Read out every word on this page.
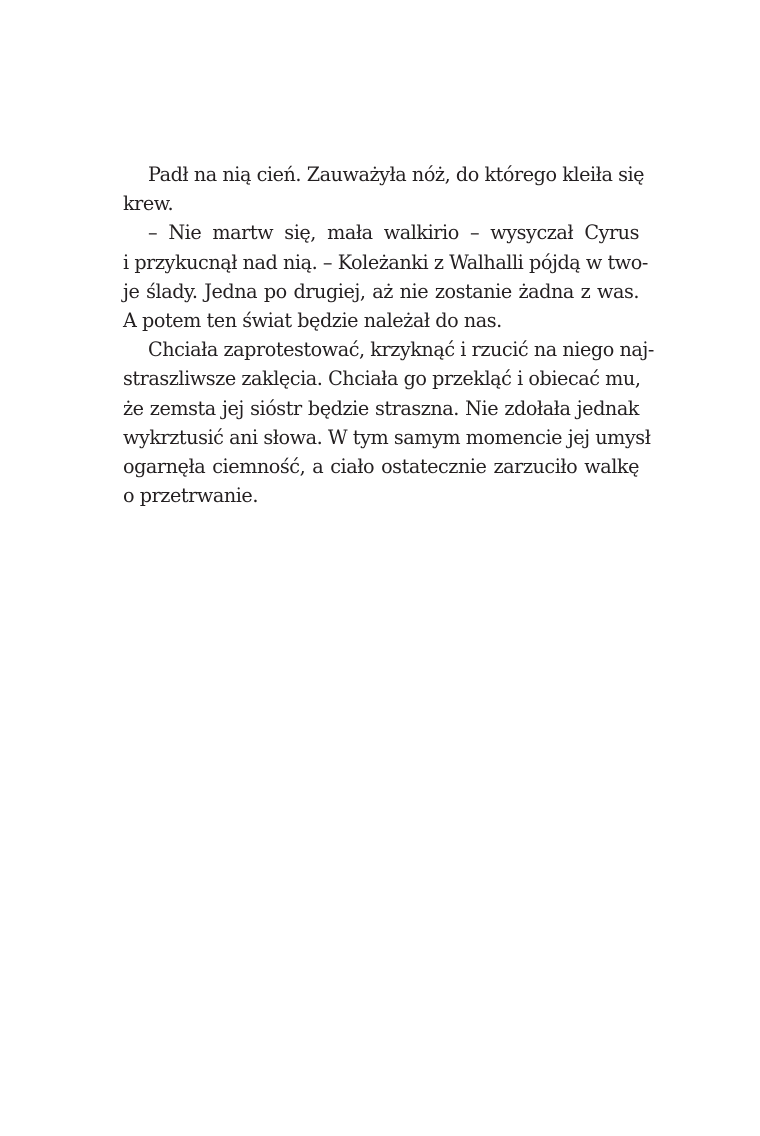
Padł na nią cień. Zauważyła nóż, do którego kleiła się
krew.
– Nie martw się, mała walkirio – wysyczał Cyrus
i przykucnął nad nią. – Koleżanki z Walhalli pójdą w two-
je ślady. Jedna po drugiej, aż nie zostanie żadna z was.
A potem ten świat będzie należał do nas.
Chciała zaprotestować, krzyknąć i rzucić na niego naj-
straszliwsze zaklęcia. Chciała go przekląć i obiecać mu,
że zemsta jej sióstr będzie straszna. Nie zdołała jednak
wykrztusić ani słowa. W tym samym momencie jej umysł
ogarnęła ciemność, a ciało ostatecznie zarzuciło walkę
o przetrwanie.
